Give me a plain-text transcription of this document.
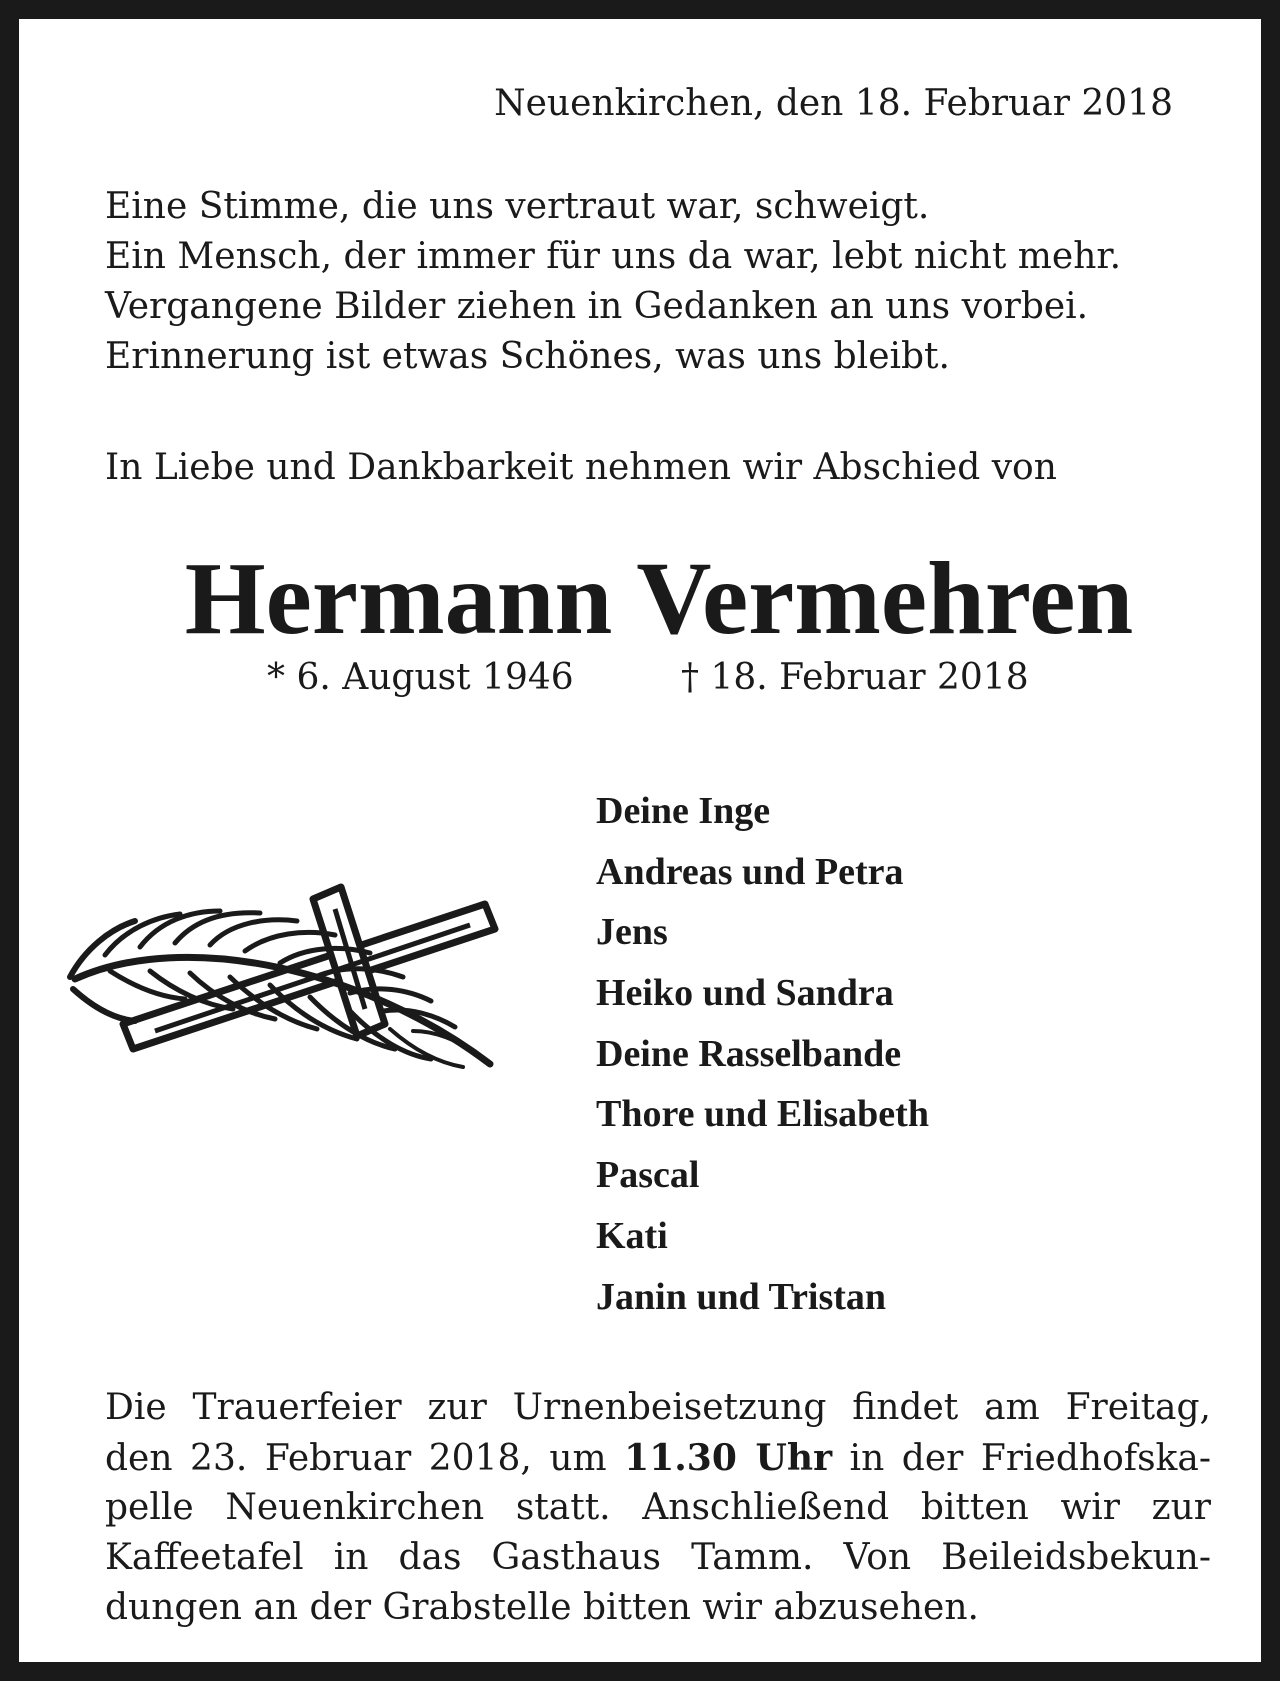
Neuenkirchen, den 18. Februar 2018
Eine Stimme, die uns vertraut war, schweigt.
Ein Mensch, der immer für uns da war, lebt nicht mehr.
Vergangene Bilder ziehen in Gedanken an uns vorbei.
Erinnerung ist etwas Schönes, was uns bleibt.
In Liebe und Dankbarkeit nehmen wir Abschied von
Hermann Vermehren
* 6. August 1946	† 18. Februar 2018
Deine Inge
Andreas und Petra
Jens
Heiko und Sandra
Deine Rasselbande
Thore und Elisabeth
Pascal
Kati
Janin und Tristan
Die Trauerfeier zur Urnenbeisetzung findet am Freitag,
den 23. Februar 2018, um 11.30 Uhr in der Friedhofska-
pelle Neuenkirchen statt. Anschließend bitten wir zur
Kaffeetafel in das Gasthaus Tamm. Von Beileidsbekun-
dungen an der Grabstelle bitten wir abzusehen.
